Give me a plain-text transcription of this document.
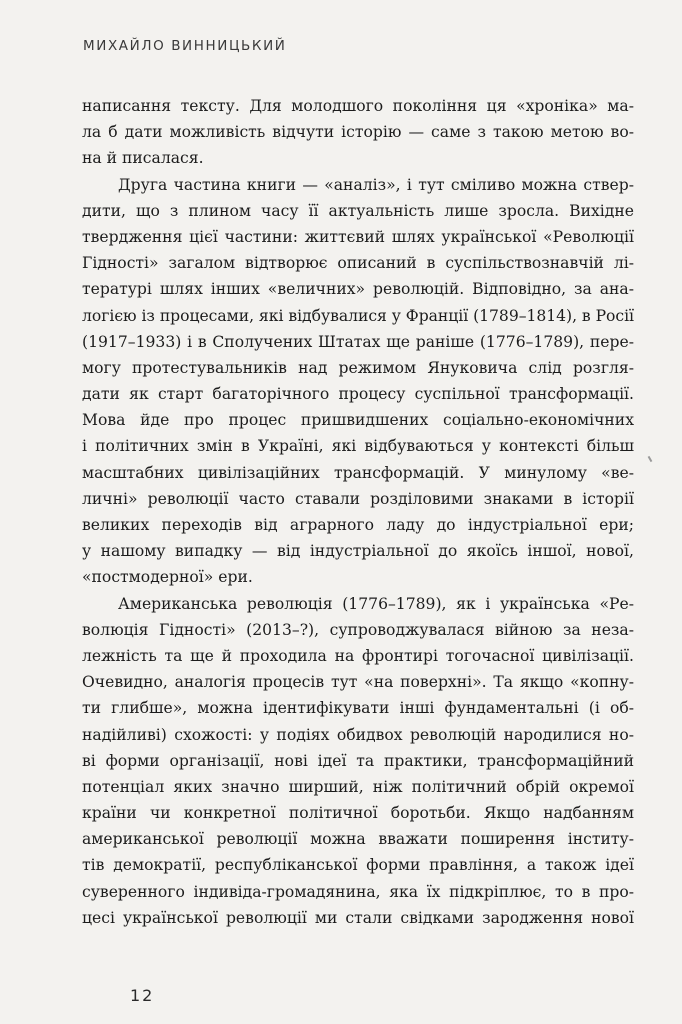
МИХАЙЛО ВИННИЦЬКИЙ
написання тексту. Для молодшого покоління ця «хроніка» ма-
ла б дати можливість відчути історію — саме з такою метою во-
на й писалася.
Друга частина книги — «аналіз», і тут сміливо можна ствер-
дити, що з плином часу її актуальність лише зросла. Вихідне
твердження цієї частини: життєвий шлях української «Революції
Гідності» загалом відтворює описаний в суспільствознавчій лі-
тературі шлях інших «величних» революцій. Відповідно, за ана-
логією із процесами, які відбувалися у Франції (1789–1814), в Росії
(1917–1933) і в Сполучених Штатах ще раніше (1776–1789), пере-
могу протестувальників над режимом Януковича слід розгля-
дати як старт багаторічного процесу суспільної трансформації.
Мова йде про процес пришвидшених соціально-економічних
і політичних змін в Україні, які відбуваються у контексті більш
масштабних цивілізаційних трансформацій. У минулому «ве-
личні» революції часто ставали розділовими знаками в історії
великих переходів від аграрного ладу до індустріальної ери;
у нашому випадку — від індустріальної до якоїсь іншої, нової,
«постмодерної» ери.
Американська революція (1776–1789), як і українська «Ре-
волюція Гідності» (2013–?), супроводжувалася війною за неза-
лежність та ще й проходила на фронтирі тогочасної цивілізації.
Очевидно, аналогія процесів тут «на поверхні». Та якщо «копну-
ти глибше», можна ідентифікувати інші фундаментальні (і об-
надійливі) схожості: у подіях обидвох революцій народилися но-
ві форми організації, нові ідеї та практики, трансформаційний
потенціал яких значно ширший, ніж політичний обрій окремої
країни чи конкретної політичної боротьби. Якщо надбанням
американської революції можна вважати поширення інститу-
тів демократії, республіканської форми правління, а також ідеї
суверенного індивіда-громадянина, яка їх підкріплює, то в про-
цесі української революції ми стали свідками зародження нової
12
